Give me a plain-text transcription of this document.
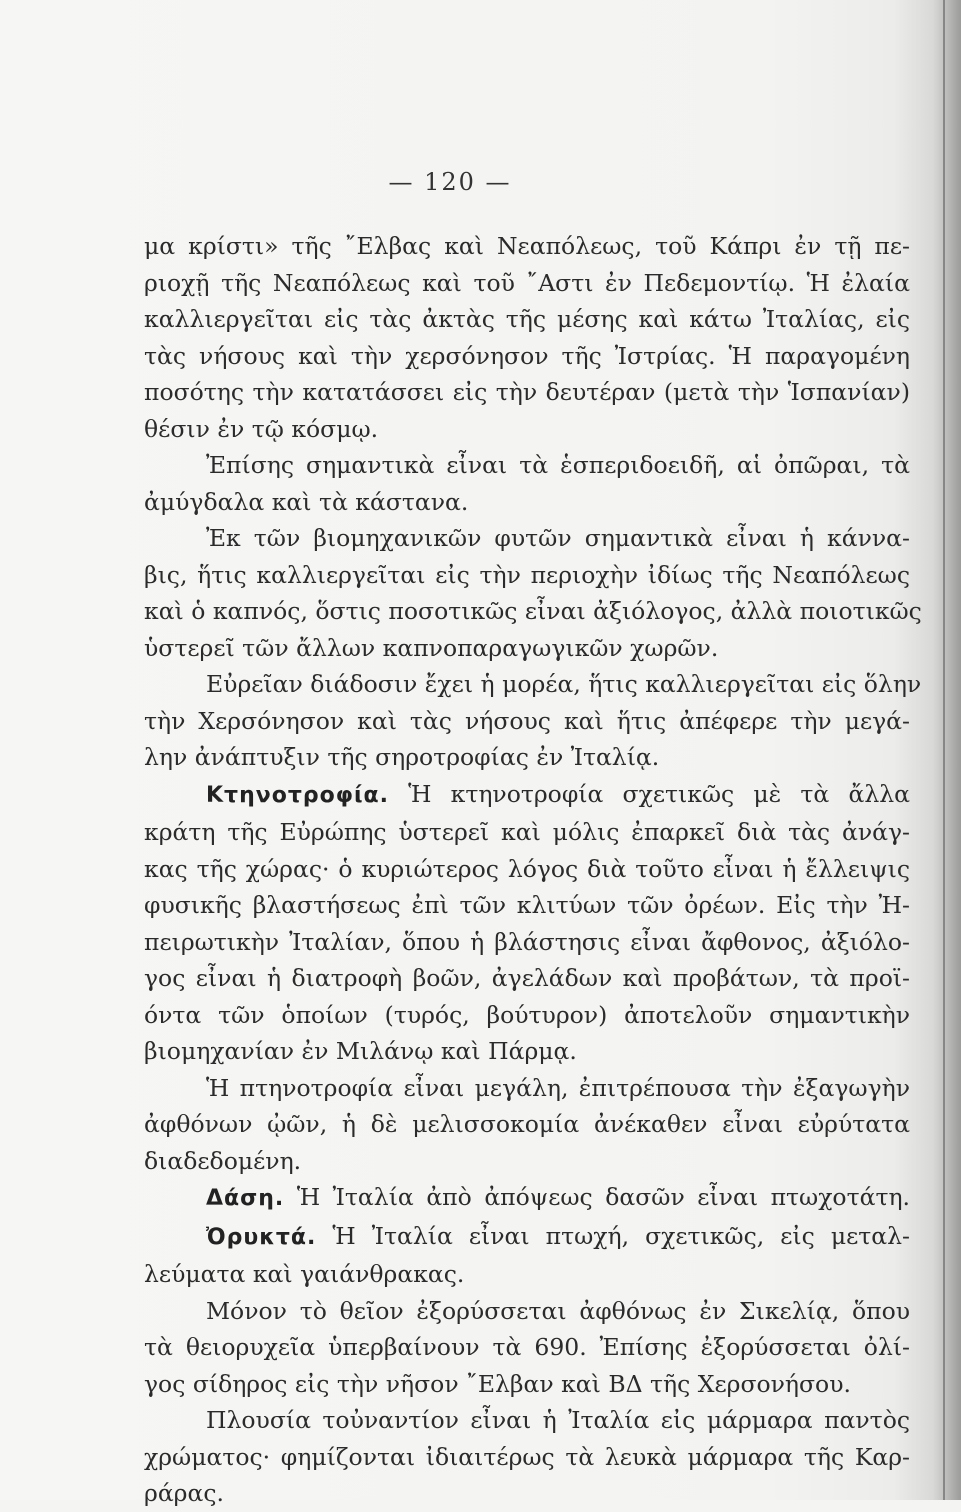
— 120 —
μα κρίστι» τῆς ῎Ελβας καὶ Νεαπόλεως, τοῦ Κάπρι ἐν τῇ πε-
ριοχῇ τῆς Νεαπόλεως καὶ τοῦ ῎Αστι ἐν Πεδεμοντίῳ. Ἡ ἐλαία
καλλιεργεῖται εἰς τὰς ἀκτὰς τῆς μέσης καὶ κάτω Ἰταλίας, εἰς
τὰς νήσους καὶ τὴν χερσόνησον τῆς Ἰστρίας. Ἡ παραγομένη
ποσότης τὴν κατατάσσει εἰς τὴν δευτέραν (μετὰ τὴν Ἱσπανίαν)
θέσιν ἐν τῷ κόσμῳ.
Ἐπίσης σημαντικὰ εἶναι τὰ ἑσπεριδοειδῆ, αἱ ὀπῶραι, τὰ
ἀμύγδαλα καὶ τὰ κάστανα.
Ἐκ τῶν βιομηχανικῶν φυτῶν σημαντικὰ εἶναι ἡ κάννα-
βις, ἥτις καλλιεργεῖται εἰς τὴν περιοχὴν ἰδίως τῆς Νεαπόλεως
καὶ ὁ καπνός, ὅστις ποσοτικῶς εἶναι ἀξιόλογος, ἀλλὰ ποιοτικῶς
ὑστερεῖ τῶν ἄλλων καπνοπαραγωγικῶν χωρῶν.
Εὐρεῖαν διάδοσιν ἔχει ἡ μορέα, ἥτις καλλιεργεῖται εἰς ὅλην
τὴν Χερσόνησον καὶ τὰς νήσους καὶ ἥτις ἀπέφερε τὴν μεγά-
λην ἀνάπτυξιν τῆς σηροτροφίας ἐν Ἰταλίᾳ.
Κτηνοτροφία. Ἡ κτηνοτροφία σχετικῶς μὲ τὰ ἄλλα
κράτη τῆς Εὐρώπης ὑστερεῖ καὶ μόλις ἐπαρκεῖ διὰ τὰς ἀνάγ-
κας τῆς χώρας· ὁ κυριώτερος λόγος διὰ τοῦτο εἶναι ἡ ἔλλειψις
φυσικῆς βλαστήσεως ἐπὶ τῶν κλιτύων τῶν ὀρέων. Εἰς τὴν Ἠ-
πειρωτικὴν Ἰταλίαν, ὅπου ἡ βλάστησις εἶναι ἄφθονος, ἀξιόλο-
γος εἶναι ἡ διατροφὴ βοῶν, ἀγελάδων καὶ προβάτων, τὰ προϊ-
όντα τῶν ὁποίων (τυρός, βούτυρον) ἀποτελοῦν σημαντικὴν
βιομηχανίαν ἐν Μιλάνῳ καὶ Πάρμᾳ.
Ἡ πτηνοτροφία εἶναι μεγάλη, ἐπιτρέπουσα τὴν ἐξαγωγὴν
ἀφθόνων ᾠῶν, ἡ δὲ μελισσοκομία ἀνέκαθεν εἶναι εὐρύτατα
διαδεδομένη.
Δάση. Ἡ Ἰταλία ἀπὸ ἀπόψεως δασῶν εἶναι πτωχοτάτη.
Ὀρυκτά. Ἡ Ἰταλία εἶναι πτωχή, σχετικῶς, εἰς μεταλ-
λεύματα καὶ γαιάνθρακας.
Μόνον τὸ θεῖον ἐξορύσσεται ἀφθόνως ἐν Σικελίᾳ, ὅπου
τὰ θειορυχεῖα ὑπερβαίνουν τὰ 690. Ἐπίσης ἐξορύσσεται ὀλί-
γος σίδηρος εἰς τὴν νῆσον ῎Ελβαν καὶ ΒΔ τῆς Χερσονήσου.
Πλουσία τοὐναντίον εἶναι ἡ Ἰταλία εἰς μάρμαρα παντὸς
χρώματος· φημίζονται ἰδιαιτέρως τὰ λευκὰ μάρμαρα τῆς Καρ-
ράρας.
